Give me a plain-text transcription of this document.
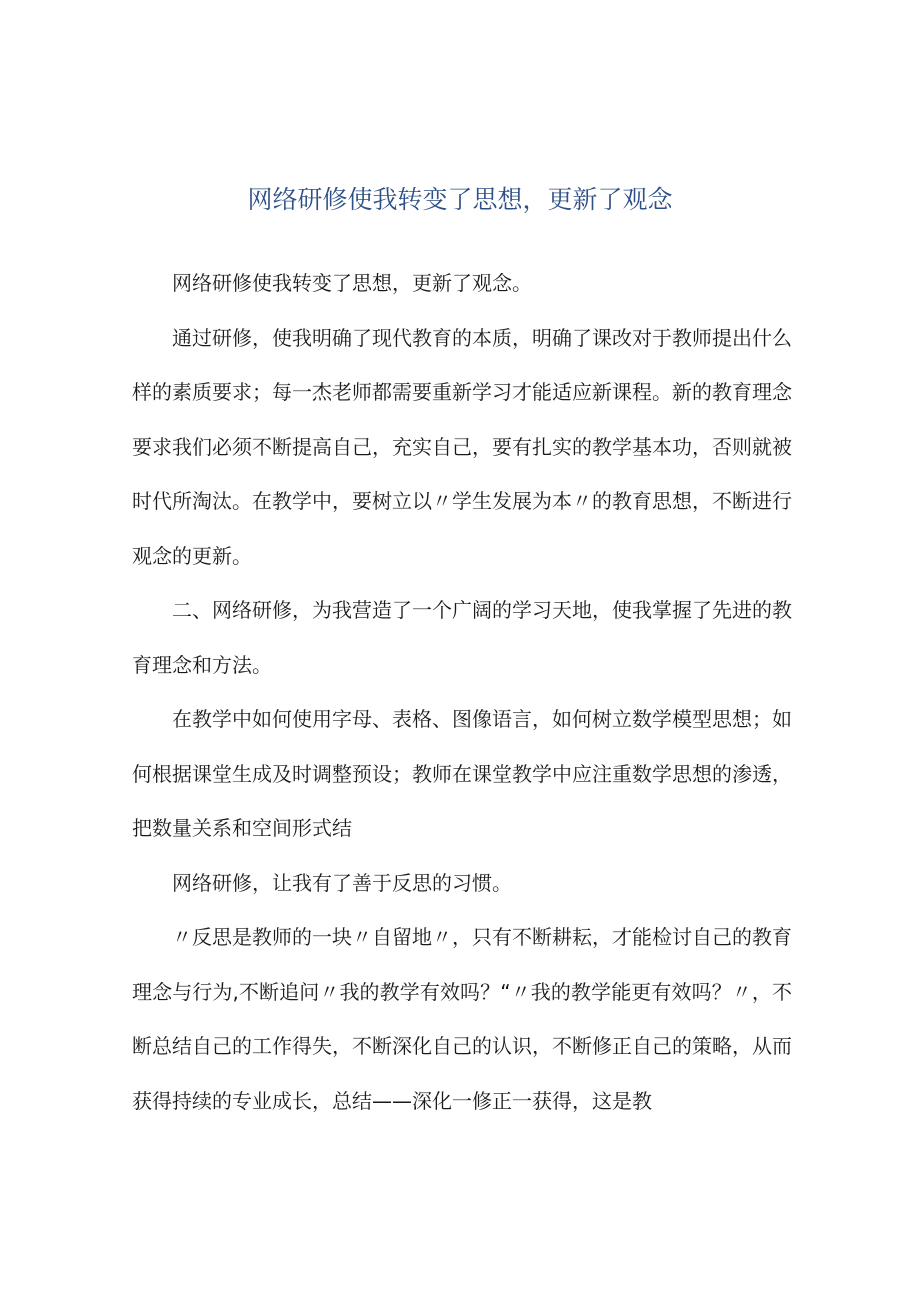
网络研修使我转变了思想，更新了观念

网络研修使我转变了思想，更新了观念。

通过研修，使我明确了现代教育的本质，明确了课改对于教师提出什么样的素质要求；每一杰老师都需要重新学习才能适应新课程。新的教育理念要求我们必须不断提高自己，充实自己，要有扎实的教学基本功，否则就被时代所淘汰。在教学中，要树立以〃学生发展为本〃的教育思想，不断进行观念的更新。

二、网络研修，为我营造了一个广阔的学习天地，使我掌握了先进的教育理念和方法。

在教学中如何使用字母、表格、图像语言，如何树立数学模型思想；如何根据课堂生成及时调整预设；教师在课堂教学中应注重数学思想的渗透，把数量关系和空间形式结

网络研修，让我有了善于反思的习惯。

〃反思是教师的一块〃自留地〃，只有不断耕耘，才能检讨自己的教育理念与行为,不断追问〃我的教学有效吗？“〃我的教学能更有效吗？〃，不断总结自己的工作得失，不断深化自己的认识，不断修正自己的策略，从而获得持续的专业成长，总结——深化一修正一获得，这是教
